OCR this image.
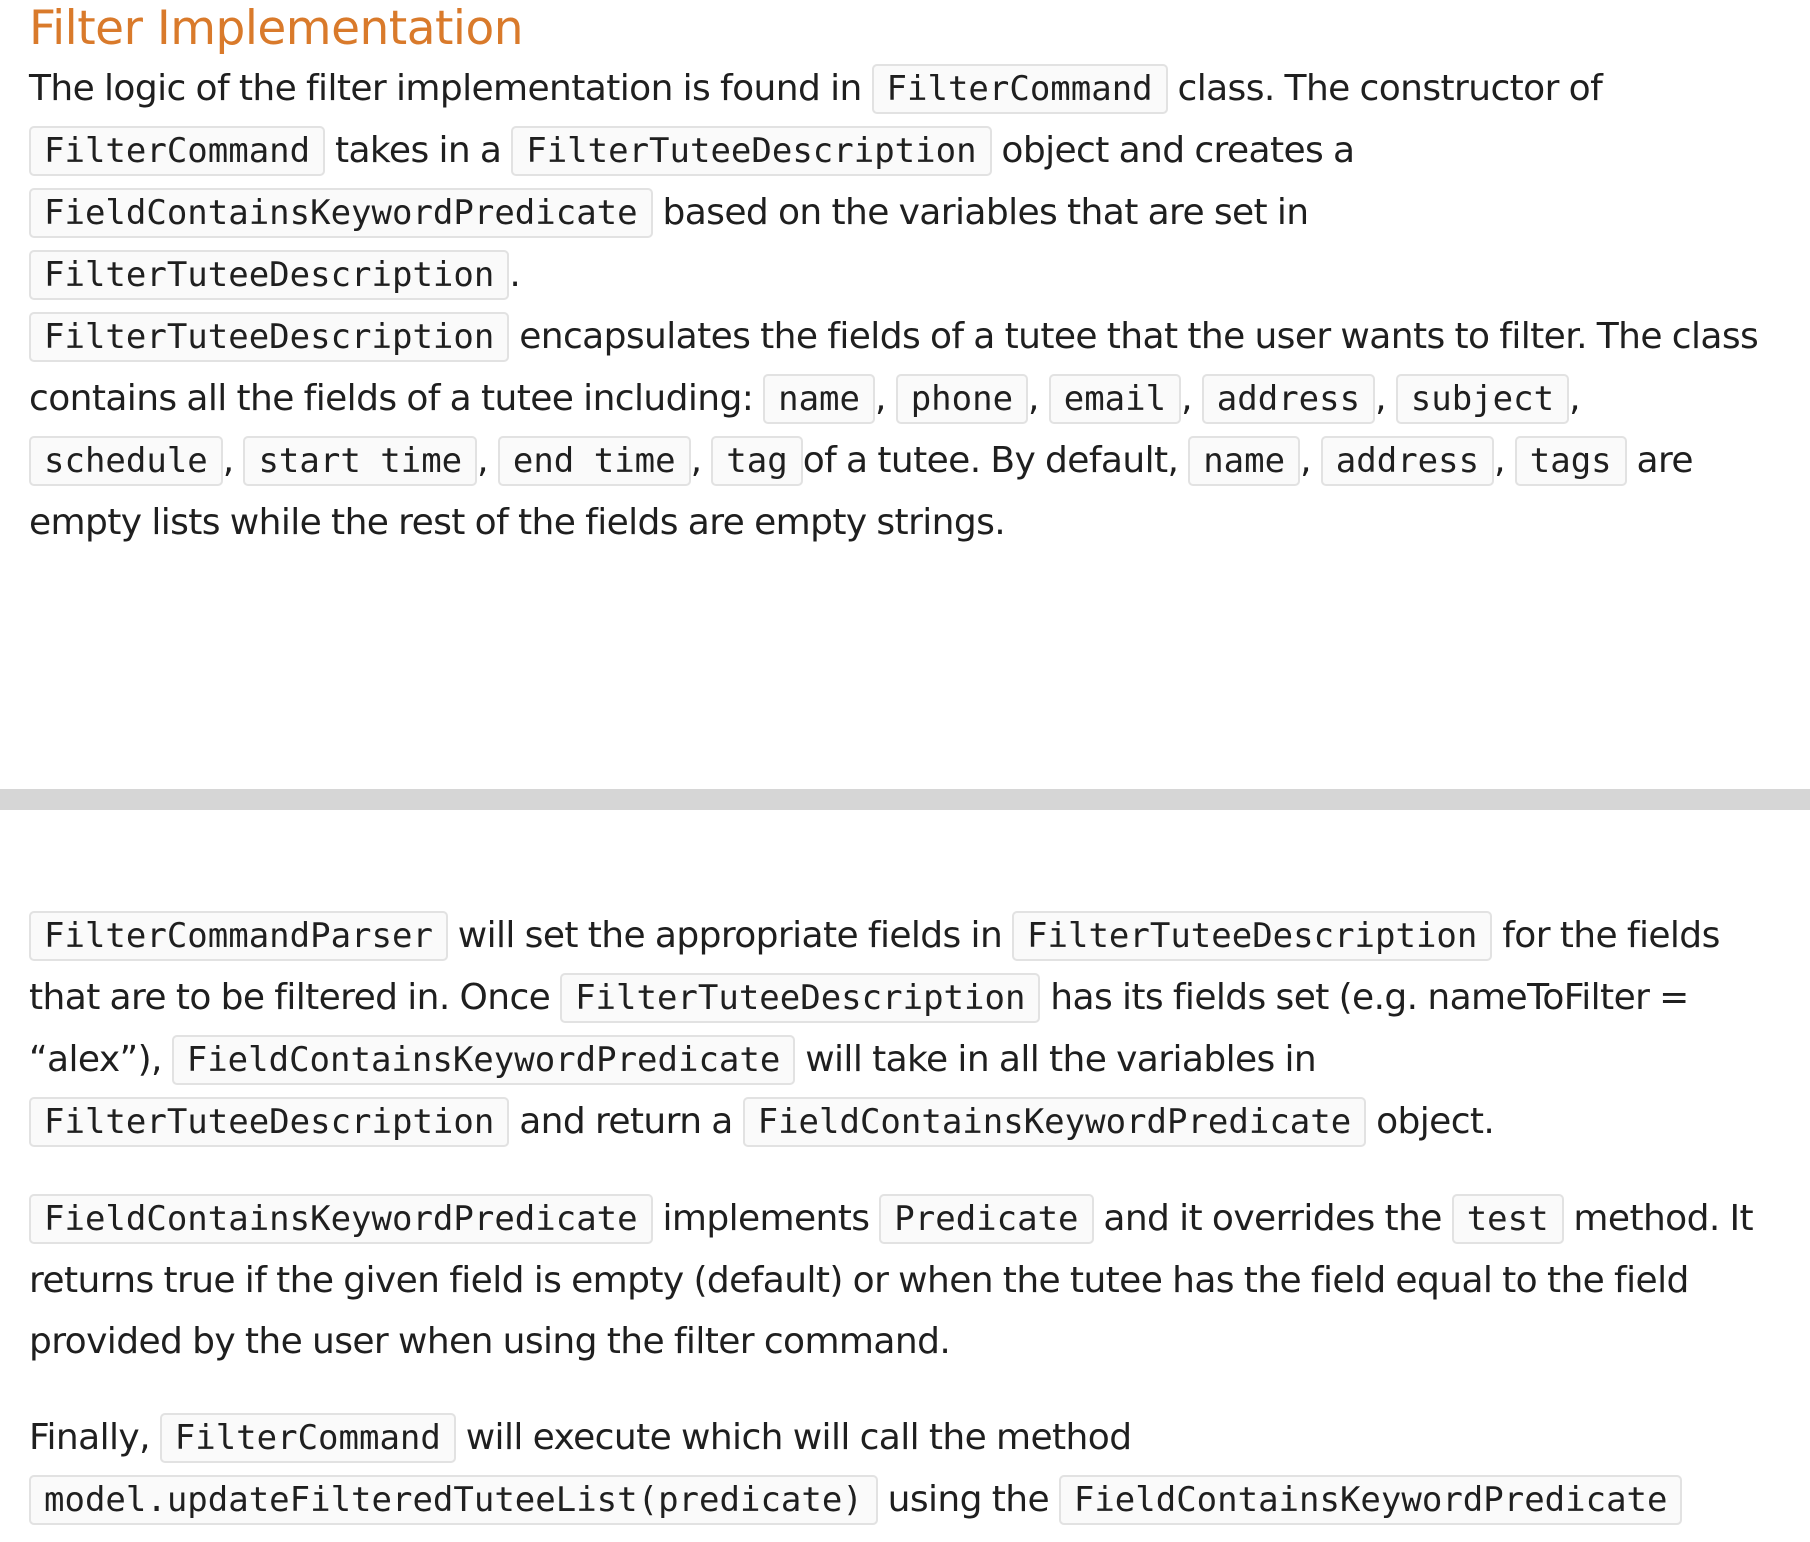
Filter Implementation

The logic of the filter implementation is found in FilterCommand class. The constructor of FilterCommand takes in a FilterTuteeDescription object and creates a FieldContainsKeywordPredicate based on the variables that are set in FilterTuteeDescription .

FilterTuteeDescription encapsulates the fields of a tutee that the user wants to filter. The class contains all the fields of a tutee including: name , phone , email , address , subject , schedule , start time , end time , tag of a tutee. By default, name , address , tags are empty lists while the rest of the fields are empty strings.

FilterCommandParser will set the appropriate fields in FilterTuteeDescription for the fields that are to be filtered in. Once FilterTuteeDescription has its fields set (e.g. nameToFilter = “alex”), FieldContainsKeywordPredicate will take in all the variables in FilterTuteeDescription and return a FieldContainsKeywordPredicate object.

FieldContainsKeywordPredicate implements Predicate and it overrides the test method. It returns true if the given field is empty (default) or when the tutee has the field equal to the field provided by the user when using the filter command.

Finally, FilterCommand will execute which will call the method model.updateFilteredTuteeList(predicate) using the FieldContainsKeywordPredicate
